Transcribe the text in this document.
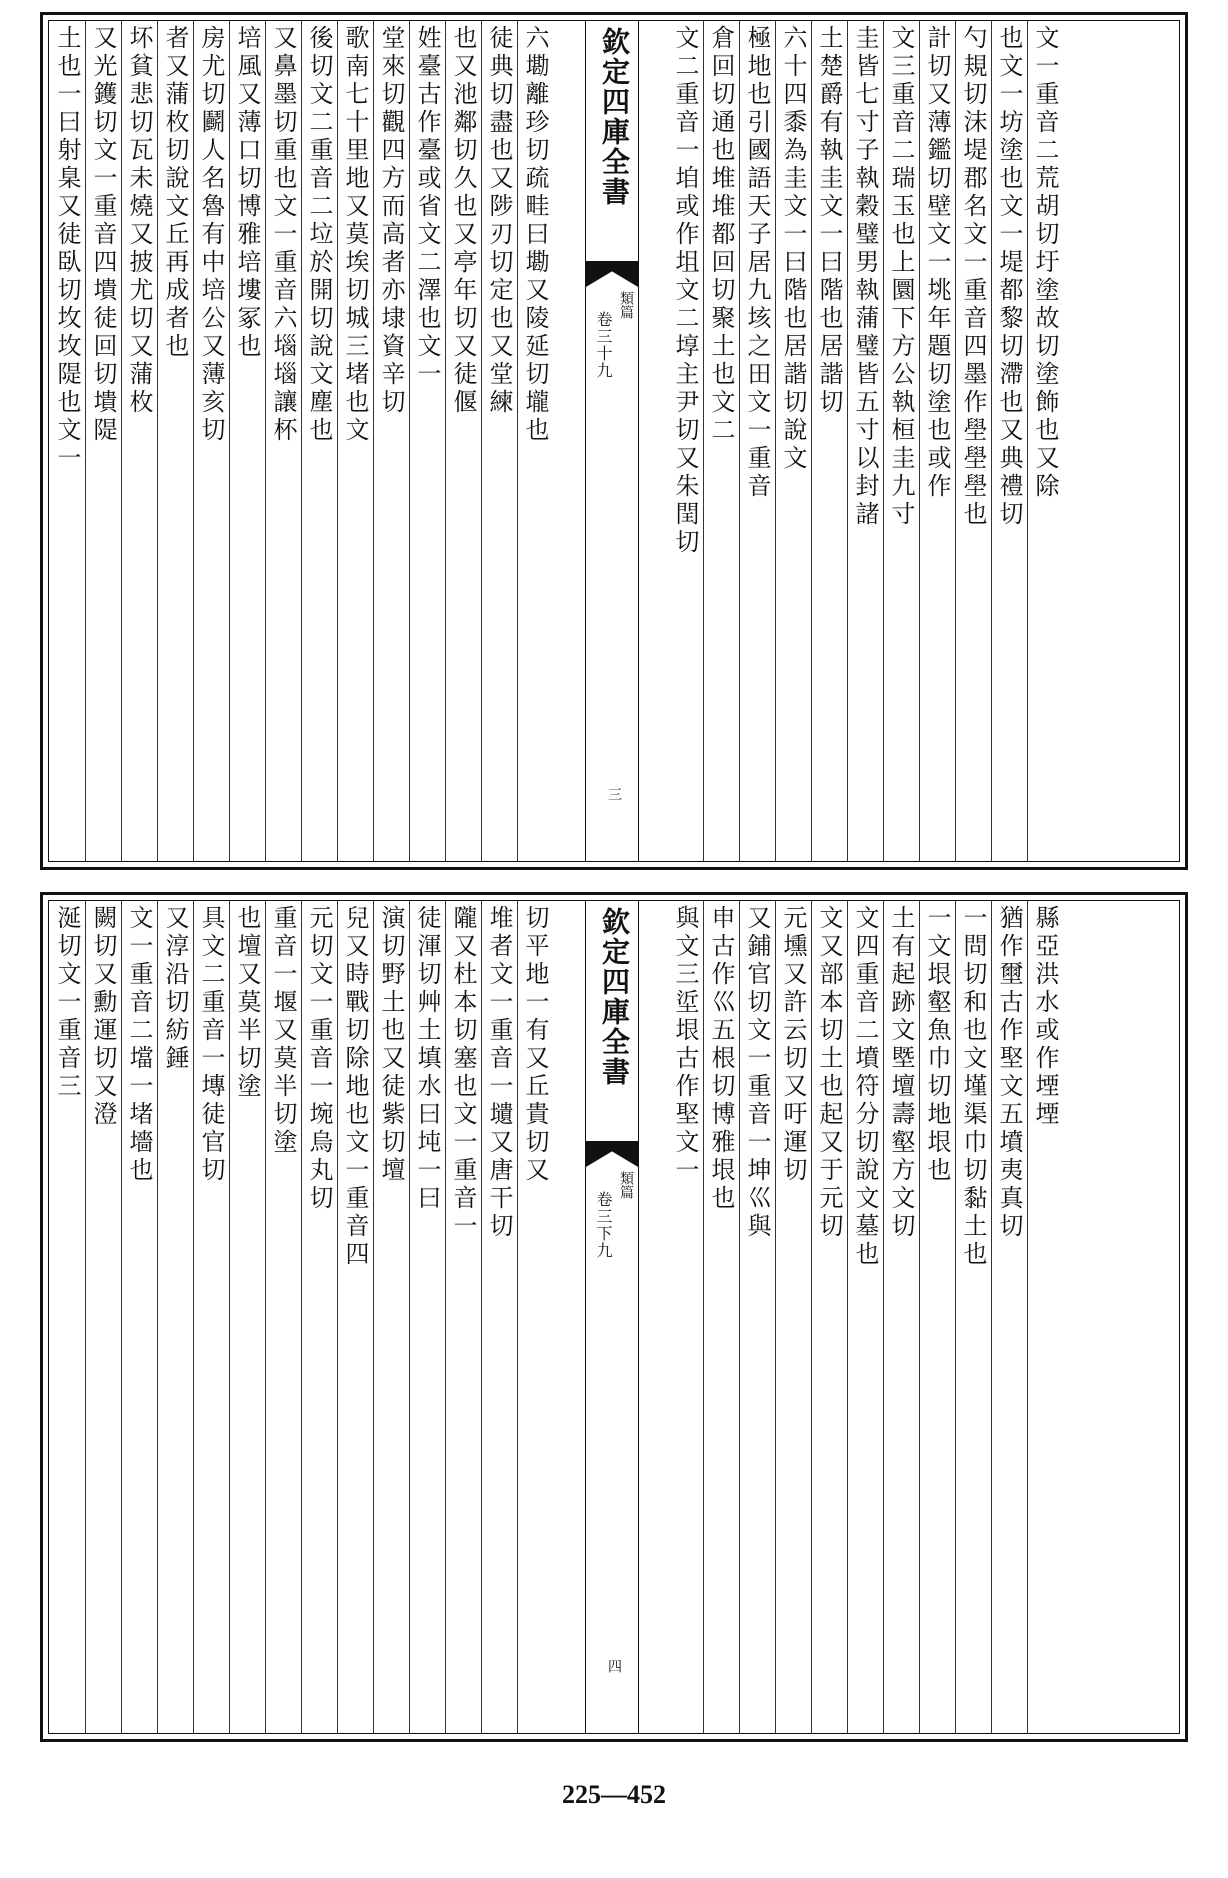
土也一曰射臬又徒臥切坆坆隄也文一 又光鑊切文一重音四墤徒回切墤隄 坏貧悲切瓦未燒又披尤切又蒲枚 者又蒲枚切說文丘再成者也 房尤切鬬人名魯有中培公又薄亥切 培風又薄口切博雅培塿冢也 又鼻墨切重也文一重音六堖堖讓杯 後切文二重音二垃於開切說文塵也 歌南七十里地又莫埃切城三堵也文 堂來切觀四方而高者亦埭資辛切 姓臺古作臺或省文二澤也文一 也又池鄰切久也又亭年切又徒偃 徒典切盡也又陟刃切定也又堂練 六墈離珍切疏畦曰墈又陵延切壠也 欽定四庫全書
類篇
卷三十九
三
文二重音一垍或作坥文二埻主尹切又朱閏切 倉回切通也堆堆都回切聚土也文二 極地也引國語天子居九垓之田文一重音 六十四黍為圭文一曰階也居諧切說文 土楚爵有執圭文一曰階也居諧切 圭皆七寸子執穀璧男執蒲璧皆五寸以封諸 文三重音二瑞玉也上圜下方公執桓圭九寸 計切又薄鑑切壁文一垗年題切塗也或作 勺規切沫堤郡名文一重音四墨作壆壆壆也 也文一坊塗也文一堤都黎切滯也又典禮切 文一重音二荒胡切圩塗故切塗飾也又除
涎切文一重音三 闕切又勳運切又澄 文一重音二壋一堵墻也 又淳沿切紡錘 具文二重音一塼徒官切 也壇又莫半切塗 重音一堰又莫半切塗 元切文一重音一埦烏丸切 兒又時戰切除地也文一重音四 演切野土也又徒紫切壇 徒渾切艸土填水曰坉一曰 隴又杜本切塞也文一重音一 堆者文一重音一壝又唐干切 切平地一有又丘貴切又 欽定四庫全書
類篇
卷三下九
四
與文三垽垠古作埾文一 申古作巛五根切博雅垠也 又鋪官切文一重音一坤巛與 元壎又許云切又吁運切 文又部本切土也起又于元切 文四重音二墳符分切說文墓也 土有起跡文塈壇壽壑方文切 一文垠壑魚巾切地垠也 一問切和也文墐渠巾切黏土也 猶作壐古作埾文五墳夷真切 縣亞洪水或作堙堙
225—452
